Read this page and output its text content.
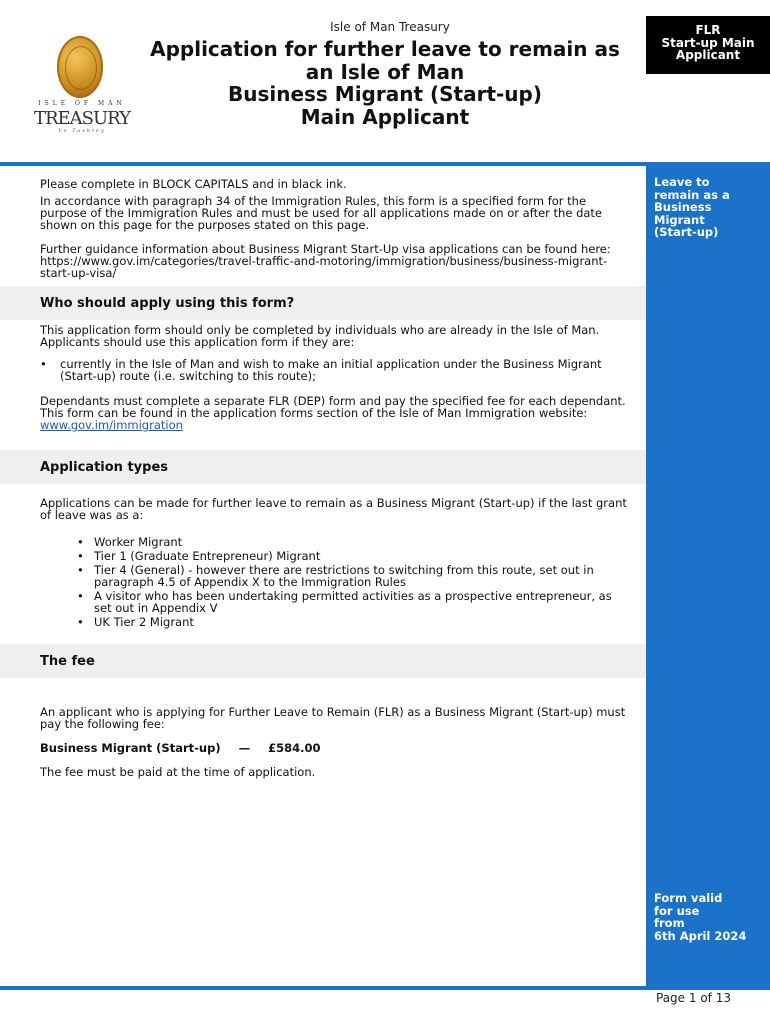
ISLE OF MAN
TREASURY
Yn Tashtey
Isle of Man Treasury
Application for further leave to remain as
an Isle of Man
Business Migrant (Start-up)
Main Applicant
FLR
Start-up Main
Applicant
Leave to
remain as a
Business
Migrant
(Start-up)
Form valid
for use
from
6th April 2024
Please complete in BLOCK CAPITALS and in black ink.
In accordance with paragraph 34 of the Immigration Rules, this form is a specified form for the purpose of the Immigration Rules and must be used for all applications made on or after the date shown on this page for the purposes stated on this page.
Further guidance information about Business Migrant Start-Up visa applications can be found here: https://www.gov.im/categories/travel-traffic-and-motoring/immigration/business/business-migrant-start-up-visa/
Who should apply using this form?
This application form should only be completed by individuals who are already in the Isle of Man. Applicants should use this application form if they are:
• currently in the Isle of Man and wish to make an initial application under the Business Migrant (Start-up) route (i.e. switching to this route);
Dependants must complete a separate FLR (DEP) form and pay the specified fee for each dependant. This form can be found in the application forms section of the Isle of Man Immigration website:
www.gov.im/immigration
Application types
Applications can be made for further leave to remain as a Business Migrant (Start-up) if the last grant of leave was as a:
• Worker Migrant
• Tier 1 (Graduate Entrepreneur) Migrant
• Tier 4 (General) - however there are restrictions to switching from this route, set out in paragraph 4.5 of Appendix X to the Immigration Rules
• A visitor who has been undertaking permitted activities as a prospective entrepreneur, as set out in Appendix V
• UK Tier 2 Migrant
The fee
An applicant who is applying for Further Leave to Remain (FLR) as a Business Migrant (Start-up) must pay the following fee:
Business Migrant (Start-up) — £584.00
The fee must be paid at the time of application.
Page 1 of 13
